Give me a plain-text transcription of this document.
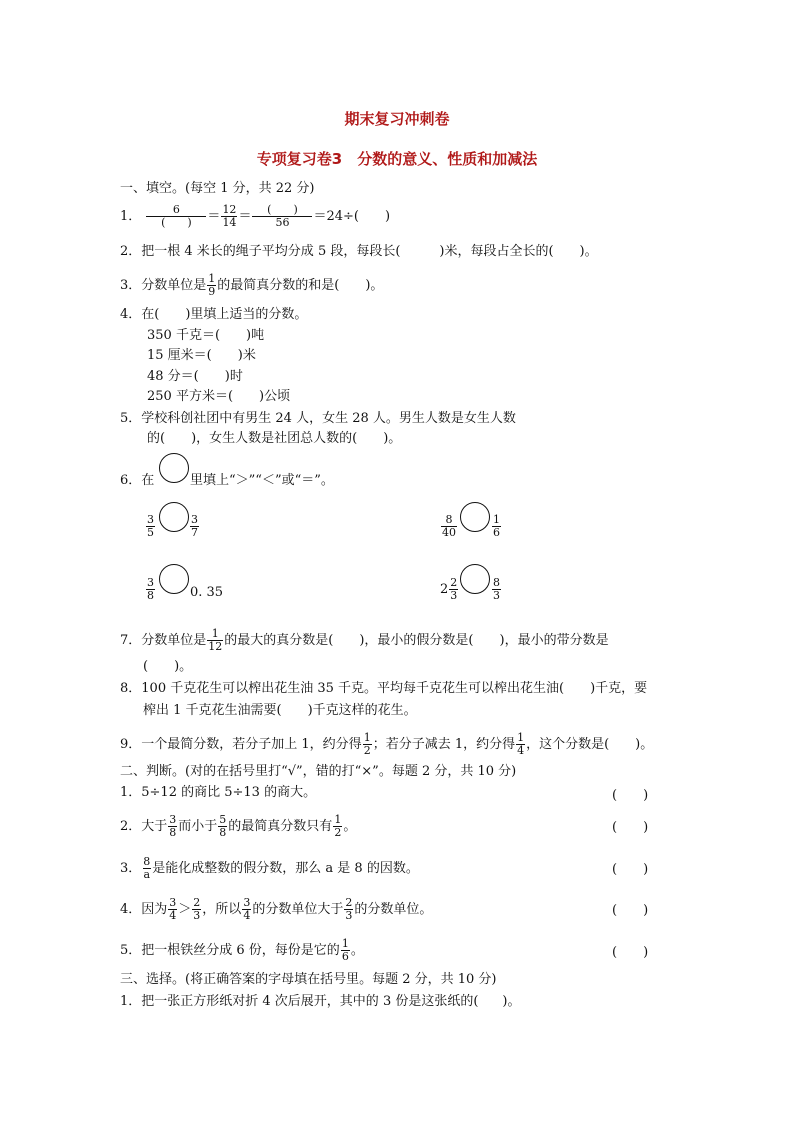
期末复习冲刺卷
专项复习卷3　分数的意义、性质和加减法
一、填空。(每空 1 分，共 22 分)
1． $\frac{6}{( )} = \frac{12}{14} = \frac{( )}{56} =24\div$(　　)
2．把一根 4 米长的绳子平均分成 5 段，每段长(　　　)米，每段占全长的(　　)。
3．分数单位是 $\frac{1}{9}$ 的最简真分数的和是(　　)。
4．在(　　)里填上适当的分数。
350 千克＝(　　)吨
15 厘米＝(　　)米
48 分＝(　　)时
250 平方米＝(　　)公顷
5．学校科创社团中有男生 24 人，女生 28 人。男生人数是女生人数
的(　　)，女生人数是社团总人数的(　　)。
6．在	里填上“＞”“＜”或“＝”。
$\frac{3}{5}$	$\frac{3}{7}$	$\frac{8}{40}$	$\frac{1}{6}$
$\frac{3}{8}$	0. 35	$2 \frac{2}{3}$	$\frac{8}{3}$
7．分数单位是 $\frac{1}{12}$ 的最大的真分数是(　　)，最小的假分数是(　　)，最小的带分数是
(　　)。
8．100 千克花生可以榨出花生油 35 千克。平均每千克花生可以榨出花生油(　　)千克，要
榨出 1 千克花生油需要(　　)千克这样的花生。
9．一个最简分数，若分子加上 1，约分得 $\frac{1}{2}$ ；若分子减去 1，约分得 $\frac{1}{4}$ ，这个分数是(　　)。
二、判断。(对的在括号里打“√”，错的打“×”。每题 2 分，共 10 分)
1．5÷12 的商比 5÷13 的商大。	(　　)
2．大于 $\frac{3}{8}$ 而小于 $\frac{5}{8}$ 的最简真分数只有 $\frac{1}{2}$ 。	(　　)
3． $\frac{8}{a}$ 是能化成整数的假分数，那么 a 是 8 的因数。	(　　)
4．因为 $\frac{3}{4} > \frac{2}{3}$ ，所以 $\frac{3}{4}$ 的分数单位大于 $\frac{2}{3}$ 的分数单位。	(　　)
5．把一根铁丝分成 6 份，每份是它的 $\frac{1}{6}$ 。	(　　)
三、选择。(将正确答案的字母填在括号里。每题 2 分，共 10 分)
1．把一张正方形纸对折 4 次后展开，其中的 3 份是这张纸的( )。
